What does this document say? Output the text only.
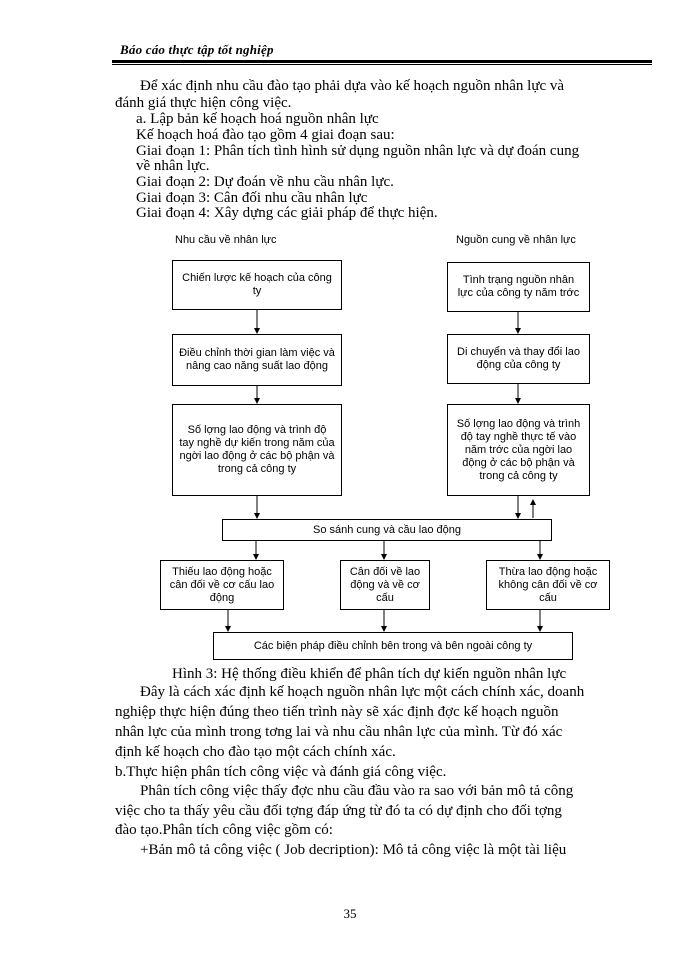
Báo cáo thực tập tốt nghiệp
Để xác định nhu cầu đào tạo phải dựa vào kế hoạch nguồn nhân lực và
đánh giá thực hiện công việc.
a. Lập bản kế hoạch hoá nguồn nhân lực
Kế hoạch hoá đào tạo gồm 4 giai đoạn sau:
Giai đoạn 1: Phân tích tình hình sử dụng nguồn nhân lực và dự đoán cung
về nhân lực.
Giai đoạn 2: Dự đoán về nhu cầu nhân lực.
Giai đoạn 3: Cân đối nhu cầu nhân lực
Giai đoạn 4: Xây dựng các giải pháp để thực hiện.
Nhu cầu về nhân lực	Nguồn cung về nhân lực
Chiến lược kế hoạch của công ty
Điều chỉnh thời gian làm việc và nâng cao năng suất lao động
Số lợng lao động và trình độ tay nghề dự kiến trong năm của ngời lao động ở các bộ phận và trong cả công ty
Tình trạng nguồn nhân lực của công ty năm trớc
Di chuyển và thay đổi lao động của công ty
Số lợng lao động và trình độ tay nghề thực tế vào năm trớc của ngời lao động ở các bộ phận và trong cả công ty
So sánh cung và cầu lao động
Thiếu lao động hoặc cân đối về cơ cấu lao động
Cân đối về lao động và về cơ cấu
Thừa lao động hoặc không cân đối về cơ cấu
Các biện pháp điều chỉnh bên trong và bên ngoài công ty
Hình 3: Hệ thống điều khiển để phân tích dự kiến nguồn nhân lực
Đây là cách xác định kế hoạch nguồn nhân lực một cách chính xác, doanh
nghiệp thực hiện đúng theo tiến trình này sẽ xác định đợc kế hoạch nguồn
nhân lực của mình trong tơng lai và nhu cầu nhân lực của mình. Từ đó xác
định kế hoạch cho đào tạo một cách chính xác.
b.Thực hiện phân tích công việc và đánh giá công việc.
Phân tích công việc thấy đợc nhu cầu đầu vào ra sao với bản mô tả công
việc cho ta thấy yêu cầu đối tợng đáp ứng từ đó ta có dự định cho đối tợng
đào tạo.Phân tích công việc gồm có:
+Bản mô tả công việc ( Job decription): Mô tả công việc là một tài liệu
35
